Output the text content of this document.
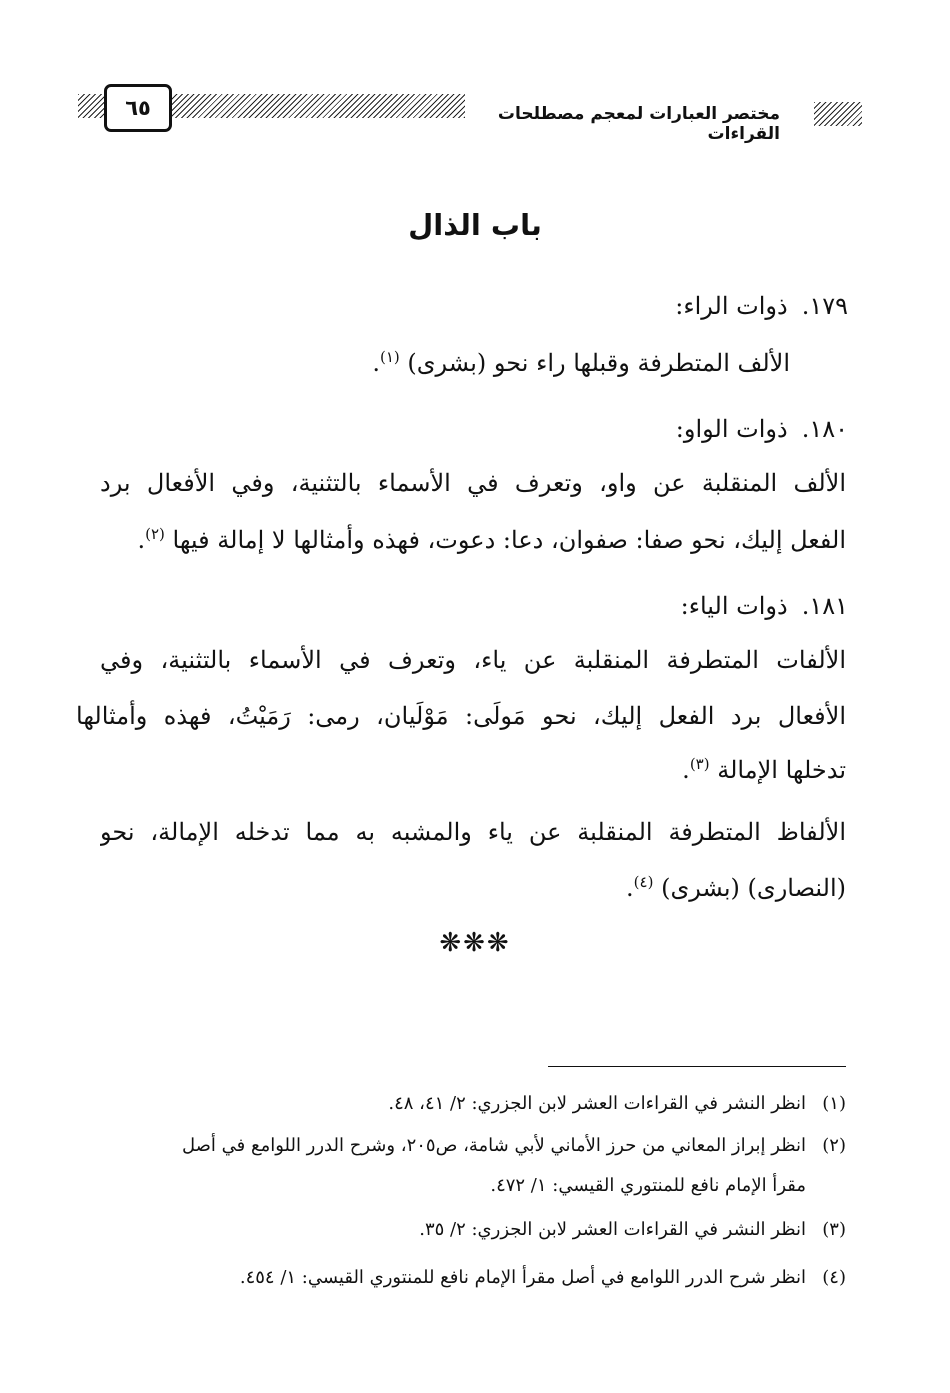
مختصر العبارات لمعجم مصطلحات القراءات
٦٥
باب الذال
١٧٩.ذوات الراء:
الألف المتطرفة وقبلها راء نحو (بشرى) $^{(١)}$.
١٨٠.ذوات الواو:
الألف المنقلبة عن واو، وتعرف في الأسماء بالتثنية، وفي الأفعال برد
الفعل إليك، نحو صفا: صفوان، دعا: دعوت، فهذه وأمثالها لا إمالة فيها $^{(٢)}$.
١٨١.ذوات الياء:
الألفات المتطرفة المنقلبة عن ياء، وتعرف في الأسماء بالتثنية، وفي
الأفعال برد الفعل إليك، نحو مَولَى: مَوْلَيان، رمى: رَمَيْتُ، فهذه وأمثالها
تدخلها الإمالة $^{(٣)}$.
الألفاظ المتطرفة المنقلبة عن ياء والمشبه به مما تدخله الإمالة، نحو
(النصارى) (بشرى) $^{(٤)}$.
❋❋❋
(١)انظر النشر في القراءات العشر لابن الجزري: ٢/ ٤١، ٤٨.
(٢)انظر إبراز المعاني من حرز الأماني لأبي شامة، ص٢٠٥، وشرح الدرر اللوامع في أصل
مقرأ الإمام نافع للمنتوري القيسي: ١/ ٤٧٢.
(٣)انظر النشر في القراءات العشر لابن الجزري: ٢/ ٣٥.
(٤)انظر شرح الدرر اللوامع في أصل مقرأ الإمام نافع للمنتوري القيسي: ١/ ٤٥٤.
